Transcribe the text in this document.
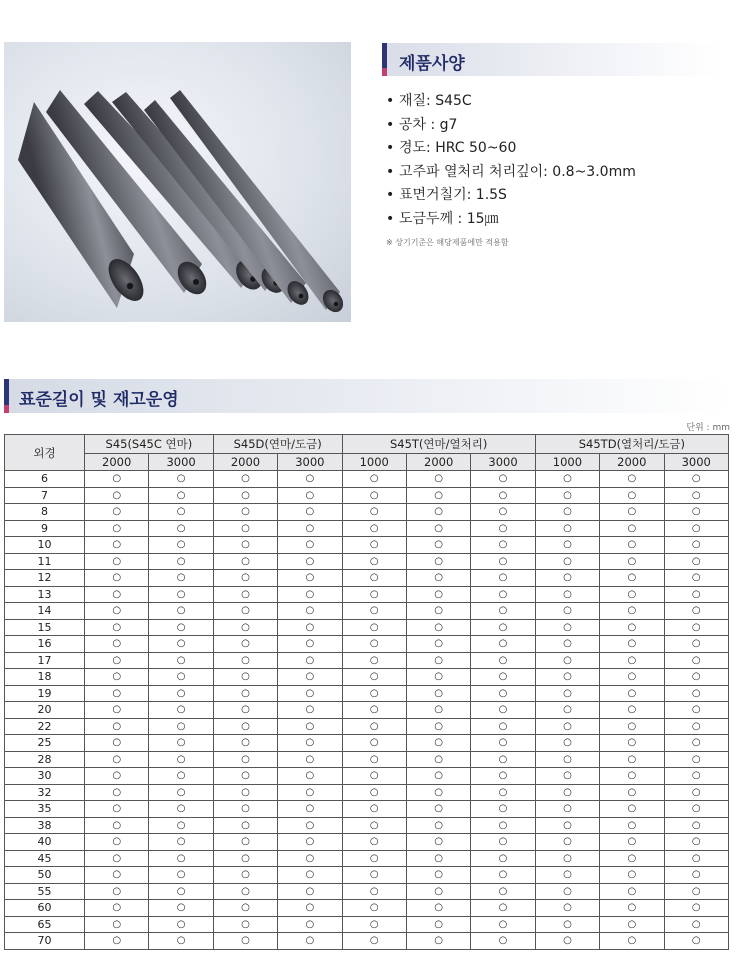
제품사양
• 재질: S45C
• 공차 : g7
• 경도: HRC 50~60
• 고주파 열처리 처리깊이: 0.8~3.0mm
• 표면거칠기: 1.5S
• 도금두께 : 15㎛
※ 상기기준은 해당제품에만 적용함
표준길이 및 재고운영
단위 : mm
외경	S45(S45C 연마)		S45D(연마/도금)		S45T(연마/열처리)			S45TD(열처리/도금)		
	2000	3000	2000	3000	1000	2000	3000	1000	2000	3000
6	○	○	○	○	○	○	○	○	○	○
7	○	○	○	○	○	○	○	○	○	○
8	○	○	○	○	○	○	○	○	○	○
9	○	○	○	○	○	○	○	○	○	○
10	○	○	○	○	○	○	○	○	○	○
11	○	○	○	○	○	○	○	○	○	○
12	○	○	○	○	○	○	○	○	○	○
13	○	○	○	○	○	○	○	○	○	○
14	○	○	○	○	○	○	○	○	○	○
15	○	○	○	○	○	○	○	○	○	○
16	○	○	○	○	○	○	○	○	○	○
17	○	○	○	○	○	○	○	○	○	○
18	○	○	○	○	○	○	○	○	○	○
19	○	○	○	○	○	○	○	○	○	○
20	○	○	○	○	○	○	○	○	○	○
22	○	○	○	○	○	○	○	○	○	○
25	○	○	○	○	○	○	○	○	○	○
28	○	○	○	○	○	○	○	○	○	○
30	○	○	○	○	○	○	○	○	○	○
32	○	○	○	○	○	○	○	○	○	○
35	○	○	○	○	○	○	○	○	○	○
38	○	○	○	○	○	○	○	○	○	○
40	○	○	○	○	○	○	○	○	○	○
45	○	○	○	○	○	○	○	○	○	○
50	○	○	○	○	○	○	○	○	○	○
55	○	○	○	○	○	○	○	○	○	○
60	○	○	○	○	○	○	○	○	○	○
65	○	○	○	○	○	○	○	○	○	○
70	○	○	○	○	○	○	○	○	○	○
